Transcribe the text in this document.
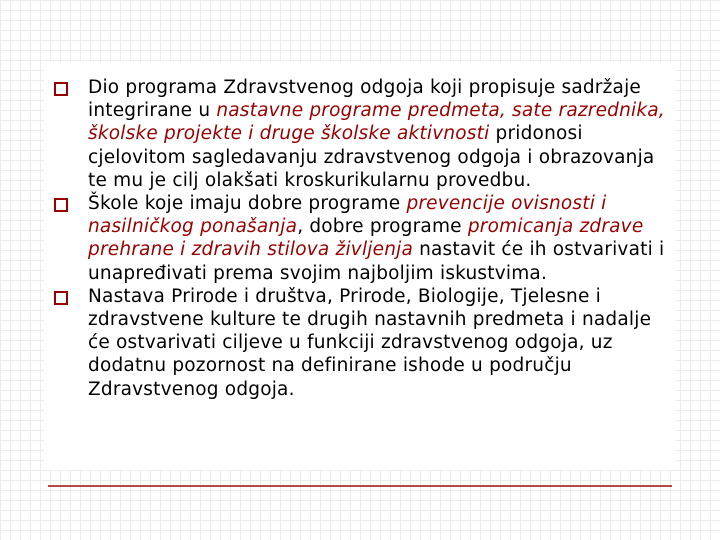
Dio programa Zdravstvenog odgoja koji propisuje sadržaje integrirane u nastavne programe predmeta, sate razrednika, školske projekte i druge školske aktivnosti pridonosi cjelovitom sagledavanju zdravstvenog odgoja i obrazovanja te mu je cilj olakšati kroskurikularnu provedbu.
Škole koje imaju dobre programe prevencije ovisnosti i nasilničkog ponašanja, dobre programe promicanja zdrave prehrane i zdravih stilova življenja nastavit će ih ostvarivati i unapređivati prema svojim najboljim iskustvima.
Nastava Prirode i društva, Prirode, Biologije, Tjelesne i zdravstvene kulture te drugih nastavnih predmeta i nadalje će ostvarivati ciljeve u funkciji zdravstvenog odgoja, uz dodatnu pozornost na definirane ishode u području Zdravstvenog odgoja.
